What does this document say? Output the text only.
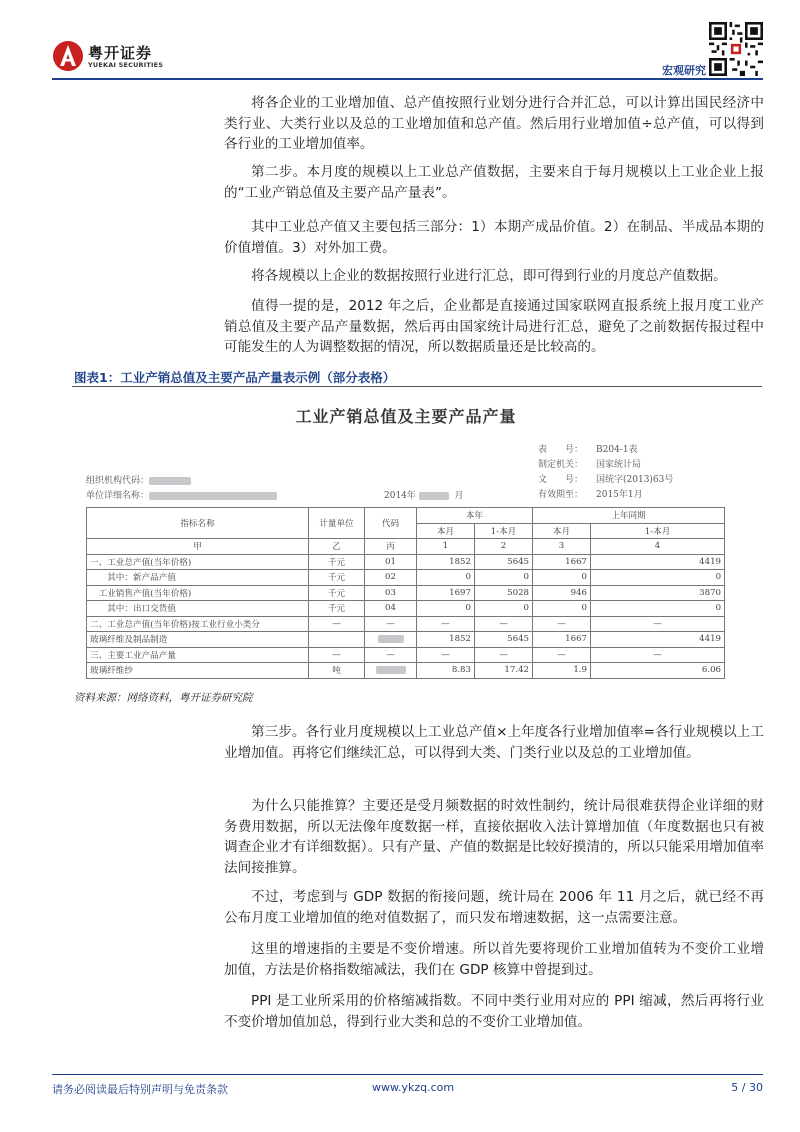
粤开证券
YUEKAI SECURITIES	宏观研究

将各企业的工业增加值、总产值按照行业划分进行合并汇总，可以计算出国民经济中类行业、大类行业以及总的工业增加值和总产值。然后用行业增加值÷总产值，可以得到各行业的工业增加值率。

第二步。本月度的规模以上工业总产值数据，主要来自于每月规模以上工业企业上报的“工业产销总值及主要产品产量表”。

其中工业总产值又主要包括三部分：1）本期产成品价值。2）在制品、半成品本期的价值增值。3）对外加工费。

将各规模以上企业的数据按照行业进行汇总，即可得到行业的月度总产值数据。

值得一提的是，2012 年之后，企业都是直接通过国家联网直报系统上报月度工业产销总值及主要产品产量数据，然后再由国家统计局进行汇总，避免了之前数据传报过程中可能发生的人为调整数据的情况，所以数据质量还是比较高的。

图表1：工业产销总值及主要产品产量表示例（部分表格）
工业产销总值及主要产品产量
表　　号： B204-1表
制定机关： 国家统计局
文　　号： 国统字(2013)63号
有效期至： 2015年1月
组织机构代码：
单位详细名称：	2014年	月
指标名称	计量单位	代码	本年		上年同期	
			本月	1-本月	本月	1-本月
甲	乙	丙	1	2	3	4
一、工业总产值(当年价格)	千元	01	1852	5645	1667	4419
　　其中：新产品产值	千元	02	0	0	0	0
　工业销售产值(当年价格)	千元	03	1697	5028	946	3870
　　其中：出口交货值	千元	04	0	0	0	0
二、工业总产值(当年价格)按工业行业小类分	—	—	—	—	—	—
玻璃纤维及制品制造			1852	5645	1667	4419
三、主要工业产品产量	—	—	—	—	—	—
玻璃纤维纱	吨		8.83	17.42	1.9	6.06
资料来源：网络资料，粤开证券研究院

第三步。各行业月度规模以上工业总产值×上年度各行业增加值率=各行业规模以上工业增加值。再将它们继续汇总，可以得到大类、门类行业以及总的工业增加值。

为什么只能推算？主要还是受月频数据的时效性制约，统计局很难获得企业详细的财务费用数据，所以无法像年度数据一样，直接依据收入法计算增加值（年度数据也只有被调查企业才有详细数据）。只有产量、产值的数据是比较好摸清的，所以只能采用增加值率法间接推算。

不过，考虑到与 GDP 数据的衔接问题，统计局在 2006 年 11 月之后，就已经不再公布月度工业增加值的绝对值数据了，而只发布增速数据，这一点需要注意。

这里的增速指的主要是不变价增速。所以首先要将现价工业增加值转为不变价工业增加值，方法是价格指数缩减法，我们在 GDP 核算中曾提到过。

PPI 是工业所采用的价格缩减指数。不同中类行业用对应的 PPI 缩减，然后再将行业不变价增加值加总，得到行业大类和总的不变价工业增加值。

请务必阅读最后特别声明与免责条款	www.ykzq.com	5 / 30
